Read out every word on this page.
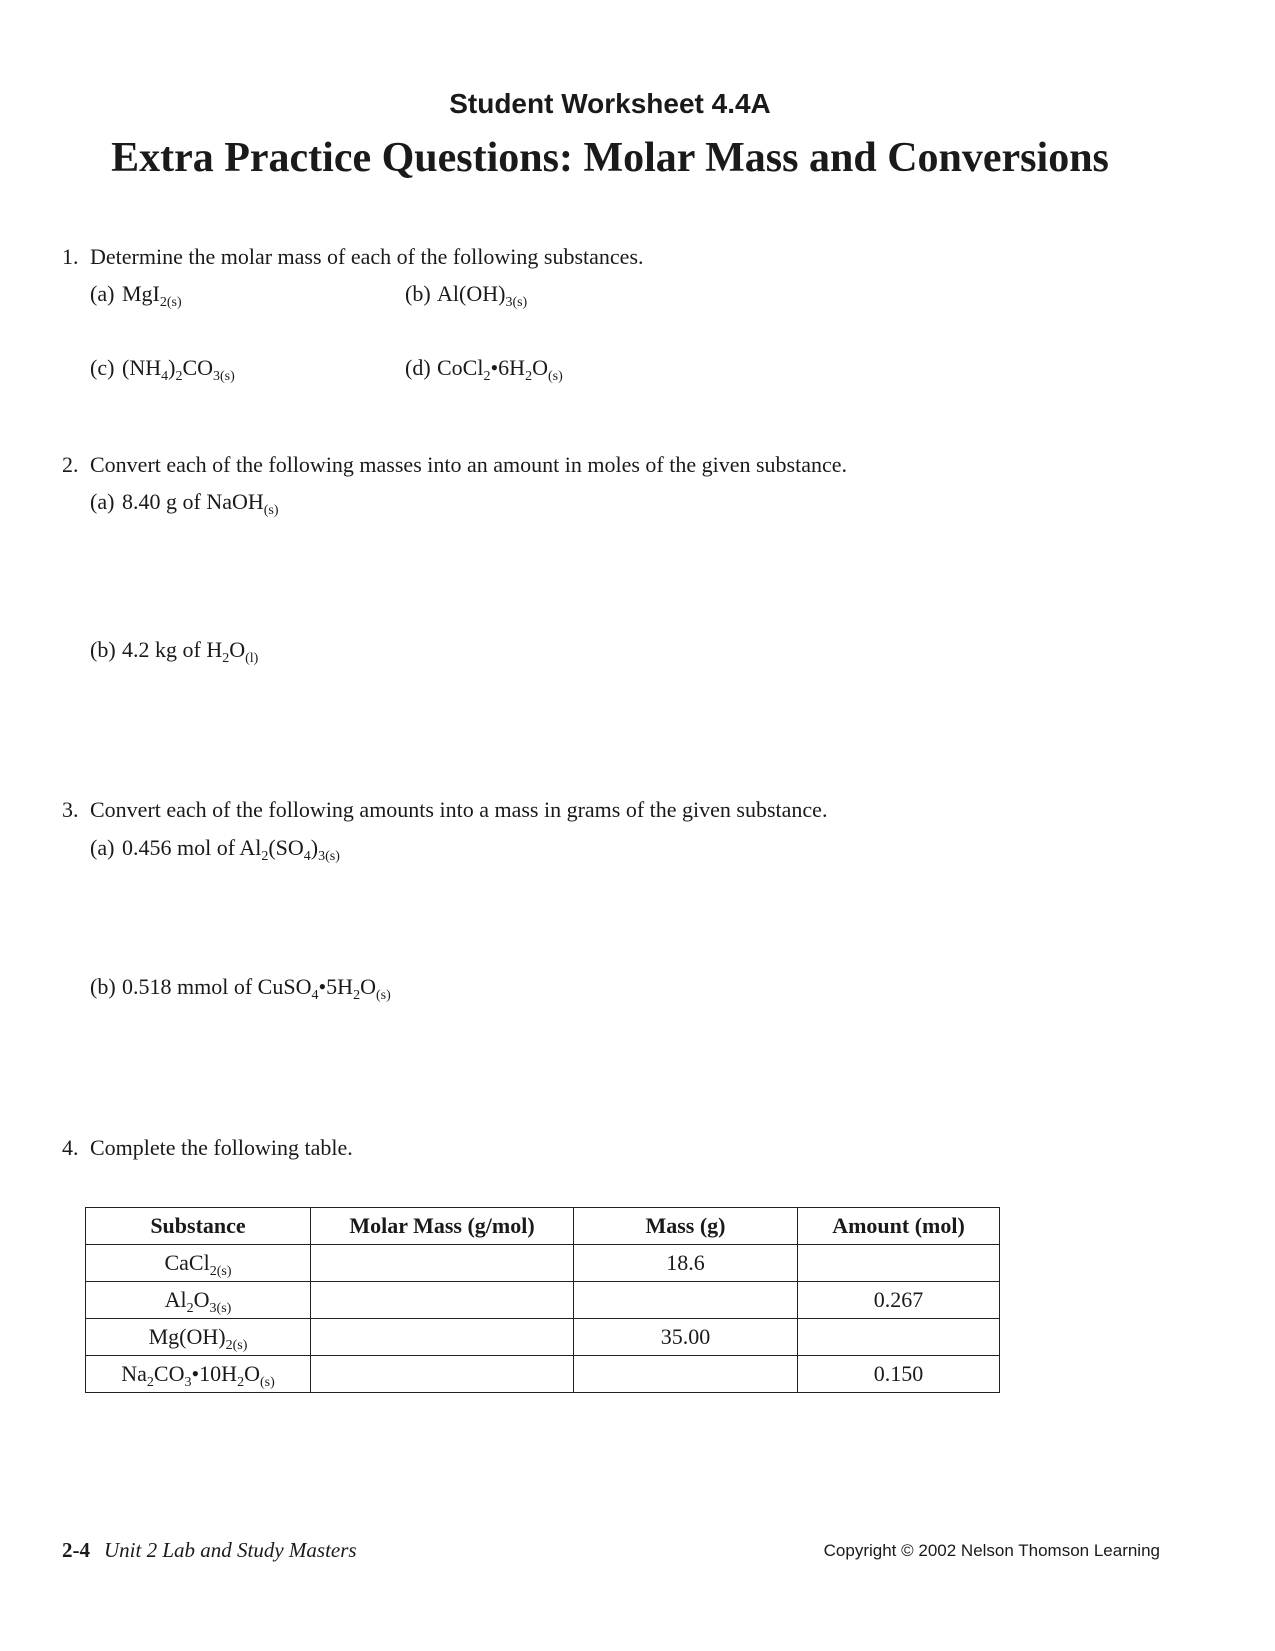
Student Worksheet 4.4A
Extra Practice Questions: Molar Mass and Conversions
1. Determine the molar mass of each of the following substances.
(a) MgI$_{2(s)}$	(b) $Al(OH)_{3(s)}$
(c) $(NH_4)_2CO_{3(s)}$	(d) $CoCl_2•6H_2O_{(s)}$
2. Convert each of the following masses into an amount in moles of the given substance.
(a) 8.40 g of NaOH$_{(s)}$
(b) 4.2 kg of $H_2O_{(l)}$
3. Convert each of the following amounts into a mass in grams of the given substance.
(a) 0.456 mol of $Al_2(SO_4)_{3(s)}$
(b) 0.518 mmol of $CuSO_4•5H_2O_{(s)}$
4. Complete the following table.
Substance	Molar Mass (g/mol)	Mass (g)	Amount (mol)
CaCl$_{2(s)}$		18.6	
$Al_2O_{3(s)}$			0.267
$Mg(OH)_{2(s)}$		35.00	
$Na_2CO_3•10H_2O_{(s)}$			0.150
2-4 Unit 2 Lab and Study Masters	Copyright © 2002 Nelson Thomson Learning
